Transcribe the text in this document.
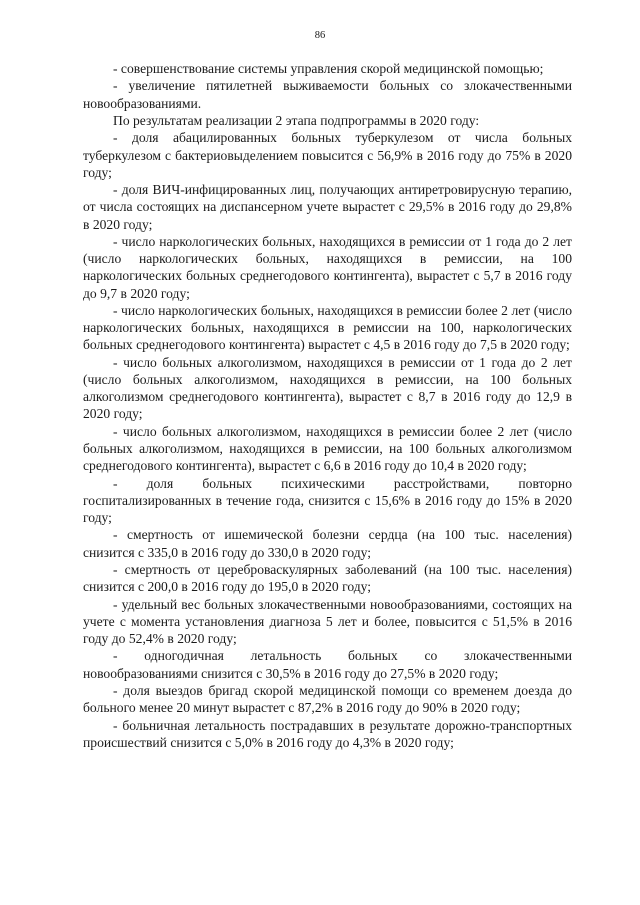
86

- совершенствование системы управления скорой медицинской помощью;

- увеличение пятилетней выживаемости больных со злокачественными новообразованиями.

По результатам реализации 2 этапа подпрограммы в 2020 году:

- доля абацилированных больных туберкулезом от числа больных туберкулезом с бактериовыделением повысится с 56,9% в 2016 году до 75% в 2020 году;

- доля ВИЧ-инфицированных лиц, получающих антиретровирусную терапию, от числа состоящих на диспансерном учете вырастет с 29,5% в 2016 году до 29,8% в 2020 году;

- число наркологических больных, находящихся в ремиссии от 1 года до 2 лет (число наркологических больных, находящихся в ремиссии, на 100 наркологических больных среднегодового контингента), вырастет с 5,7 в 2016 году до 9,7 в 2020 году;

- число наркологических больных, находящихся в ремиссии более 2 лет (число наркологических больных, находящихся в ремиссии на 100, наркологических больных среднегодового контингента) вырастет с 4,5 в 2016 году до 7,5 в 2020 году;

- число больных алкоголизмом, находящихся в ремиссии от 1 года до 2 лет (число больных алкоголизмом, находящихся в ремиссии, на 100 больных алкоголизмом среднегодового контингента), вырастет с 8,7 в 2016 году до 12,9 в 2020 году;

- число больных алкоголизмом, находящихся в ремиссии более 2 лет (число больных алкоголизмом, находящихся в ремиссии, на 100 больных алкоголизмом среднегодового контингента), вырастет с 6,6 в 2016 году до 10,4 в 2020 году;

- доля больных психическими расстройствами, повторно госпитализированных в течение года, снизится с 15,6% в 2016 году до 15% в 2020 году;

- смертность от ишемической болезни сердца (на 100 тыс. населения) снизится с 335,0 в 2016 году до 330,0 в 2020 году;

- смертность от цереброваскулярных заболеваний (на 100 тыс. населения) снизится с 200,0 в 2016 году до 195,0 в 2020 году;

- удельный вес больных злокачественными новообразованиями, состоящих на учете с момента установления диагноза 5 лет и более, повысится с 51,5% в 2016 году до 52,4% в 2020 году;

- одногодичная летальность больных со злокачественными новообразованиями снизится с 30,5% в 2016 году до 27,5% в 2020 году;

- доля выездов бригад скорой медицинской помощи со временем доезда до больного менее 20 минут вырастет с 87,2% в 2016 году до 90% в 2020 году;

- больничная летальность пострадавших в результате дорожно-транспортных происшествий снизится с 5,0% в 2016 году до 4,3% в 2020 году;
